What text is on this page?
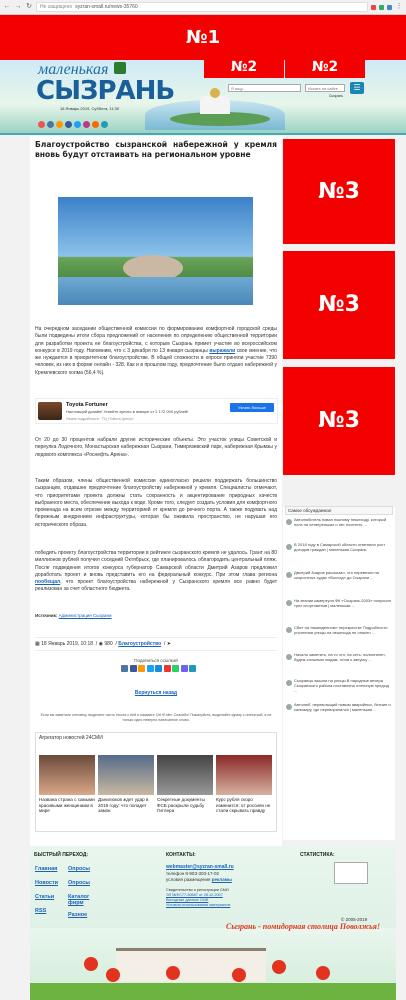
← → ↻ Не защищено syzran-small.ru/news-35760	⋮
№1
маленькая
СЫЗРАНЬ
18 Январь 2019, Суббота, 11:30
№2	№2
Я ищу...	Искать на сайте
Сызрань
☰
Благоустройство сызранской набережной у кремля вновь будут отстаивать на региональном уровне
На очередном заседании общественной комиссии по формированию комфортной городской среды были подведены итоги сбора предложений от населения по определению общественной территории для разработки проекта ее благоустройства, с которым Сызрань примет участие во всероссийском конкурсе в 2019 году. Напомним, что с 3 декабря по 13 января сызранцы выражали свое мнение, что же нуждается в приоритетном благоустройстве. В общей сложности в опросе приняли участие 7390 человек, из них в форме онлайн - 328. Как и в прошлом году, предпочтение было отдано набережной у Кремлевского холма (56,4 %).
Toyota Fortuner
Настоящий дизайн! Успейте купить в январе от 2 172 000 рублей!
Узнать подробности · ТЦ «Тойота Центр»
Узнать больше
От 20 до 30 процентов набрали другие исторические объекты. Это участок улицы Советской и переулка Лодочного, Монастырская набережная Сызрани, Тимирязевский парк, набережная Крымзы у ледового комплекса «Роснефть Арена».
Таким образом, члены общественной комиссии единогласно решили поддержать большинство сызранцев, отдавшее предпочтение благоустройству набережной у кремля. Специалисты отмечают, что приоритетами проекта должны стать сохранность и акцентирование природных качеств выбранного места, обеспечение выхода к воде. Кроме того, следует создать условия для комфортного променада на всем отрезке между территорией от кремля до речного порта. А также подумать над бережным внедрением инфраструктуры, которая бы оживила пространство, не нарушая его исторического образа.
победить проекту благоустройства территории в рейтинге сызранского кремля не удалось. Грант на 80 миллионов рублей получил соседний Октябрьск, где планировалось облагородить центральный пляж. После подведения итогов конкурса губернатор Самарской области Дмитрий Азаров предложил доработать проект и вновь представить его на федеральный конкурс. При этом глава региона пообещал, что проект благоустройства набережной у Сызранского кремля все равно будет реализован за счет областного бюджета.
Источник: Администрация Сызрани
▦ 18 Январь 2019, 10:18  / ◉ 980  / Благоустройство  / ➤
Поделиться ссылкой
Вернуться назад
Если вы заметили опечатку, выделите часть текста с ней и нажмите Ctrl+Enter. Спасибо! Пожалуйста, выделяйте фразу с опечаткой, а не только одно неверно написанное слово.
Агрегатор новостей 24СМИ
Названа страна с самыми красивыми женщинами в мире
Данилюков ждет удар в 2019 году: что попадет замок
Секретные документы ФСБ раскрыли судьбу Гитлера
Курс рубля скоро изменится: от россиян не стали скрывать правду
№3
№3
№3
Самое обсуждаемое
Автолюбитель повал пьяному пешеходу, который полз на четвереньках и нет посетить ...
В 2018 году в Самарской области отменили рост доходов граждан | маленькая Сызрань
Дмитрий Азаров рассказал, что перевезли на скоростных судах «Восход» до Сызрани ...
На знании камертула ФК «Сызрань-2003» попросил трех спортсменов | маленькая ...
СВет на «выведенном» перекрестке Подробности уточнения улицы на пешехода не опасен ...
Начало заметить, на то что, на сеть: полиэтилен, будем-сложным людям, готов к запуску ...
Сызранцы вышли на улицы В народные вечера Сызранского района поставлена отличную предыд ...
Автолюб, перевозящий новым аварийных, бензин и кальмару, где переворачился | маленькая ...
БЫСТРЫЙ ПЕРЕХОД:
Главная
Новости
Статьи
RSS
Опросы
Опросы
Каталог фирм
Разное
КОНТАКТЫ:
webmaster@syzran-small.ru
телефон 8-903-303-17-02
условия размещения рекламы
Свидетельство о регистрации СМИ
ЭЛ №ФС77-30687 от 28.12.2007
Выходные данные СМИ
Условия использования материалов
СТАТИСТИКА:
© 2005-2019
Сызрань - помидорная столица Поволжья!
